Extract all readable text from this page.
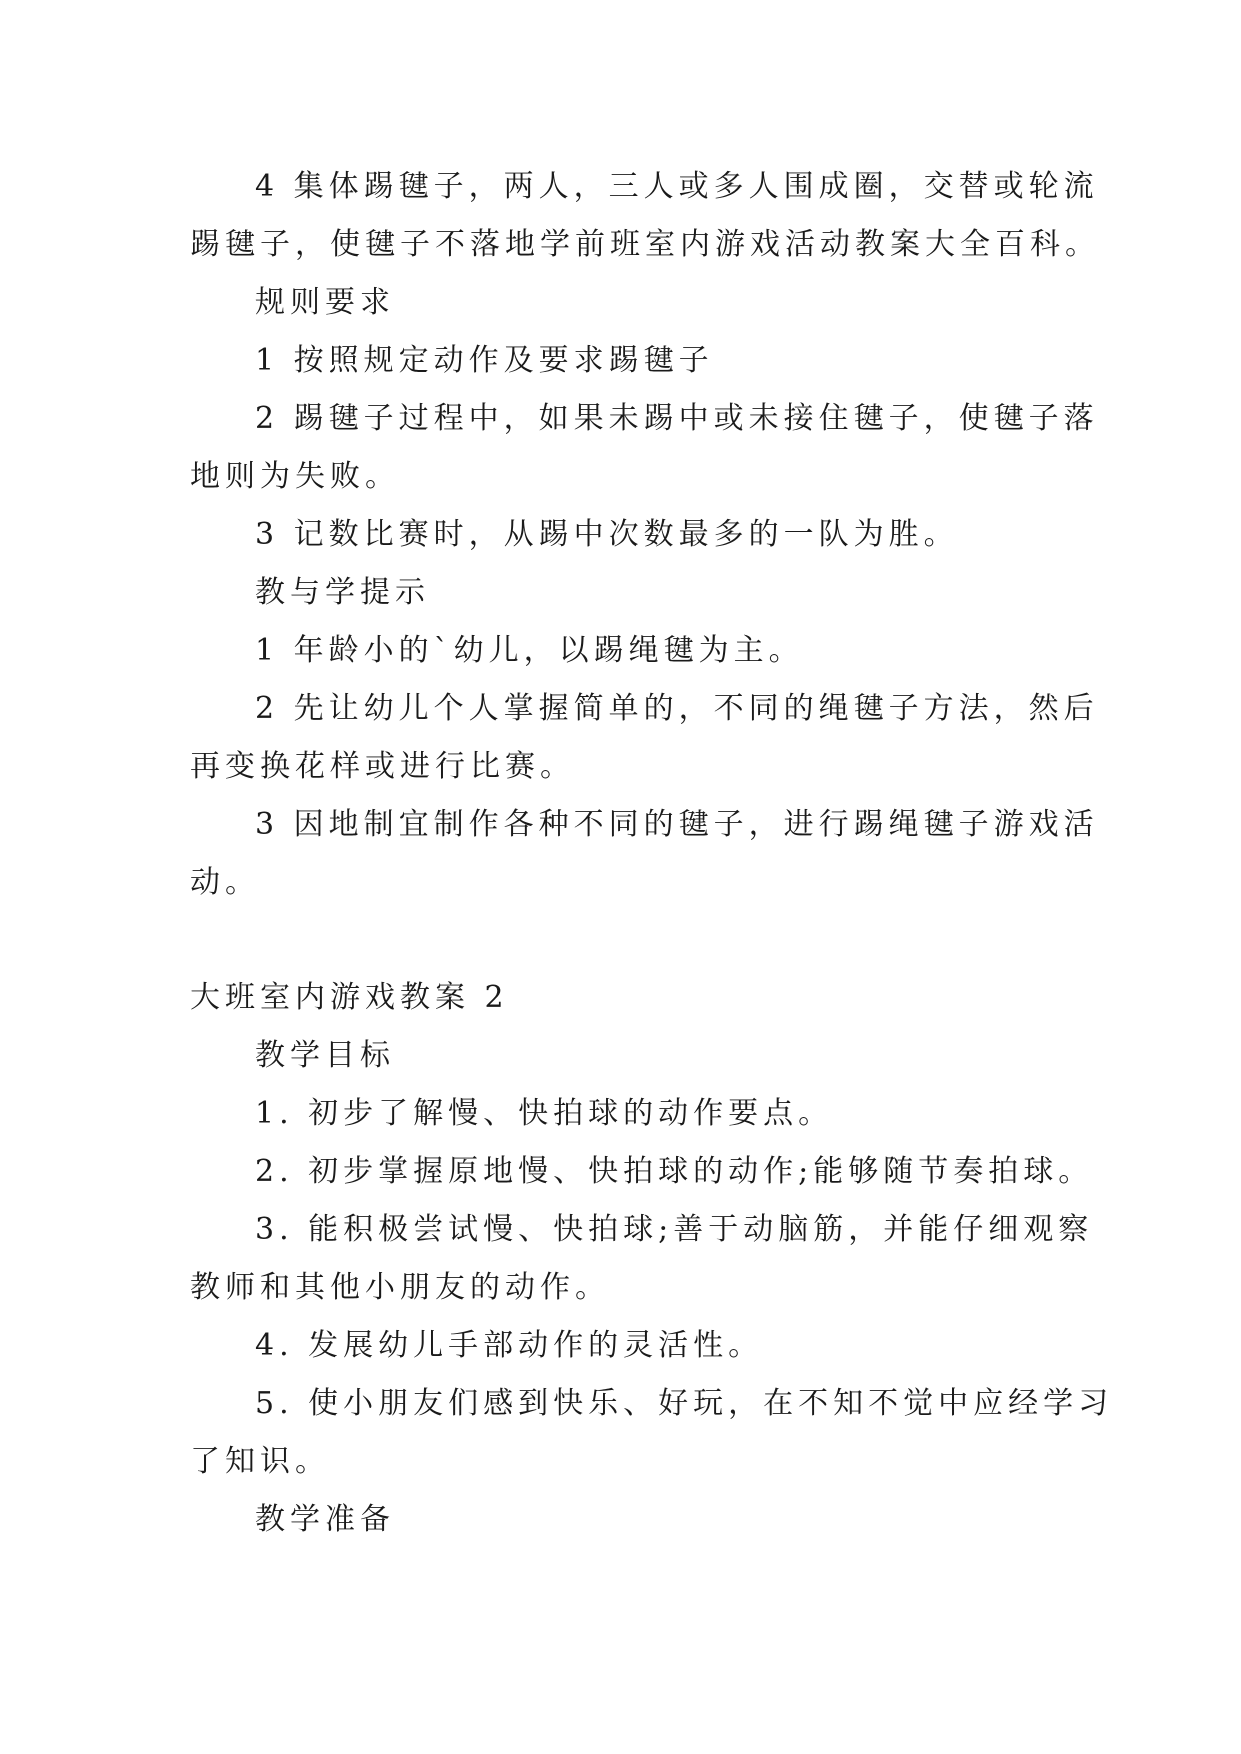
4 集体踢毽子，两人，三人或多人围成圈，交替或轮流
踢毽子，使毽子不落地学前班室内游戏活动教案大全百科。
规则要求
1 按照规定动作及要求踢毽子
2 踢毽子过程中，如果未踢中或未接住毽子，使毽子落
地则为失败。
3 记数比赛时，从踢中次数最多的一队为胜。
教与学提示
1 年龄小的`幼儿，以踢绳毽为主。
2 先让幼儿个人掌握简单的，不同的绳毽子方法，然后
再变换花样或进行比赛。
3 因地制宜制作各种不同的毽子，进行踢绳毽子游戏活
动。
大班室内游戏教案 2
教学目标
1. 初步了解慢、快拍球的动作要点。
2. 初步掌握原地慢、快拍球的动作;能够随节奏拍球。
3. 能积极尝试慢、快拍球;善于动脑筋，并能仔细观察
教师和其他小朋友的动作。
4. 发展幼儿手部动作的灵活性。
5. 使小朋友们感到快乐、好玩，在不知不觉中应经学习
了知识。
教学准备
